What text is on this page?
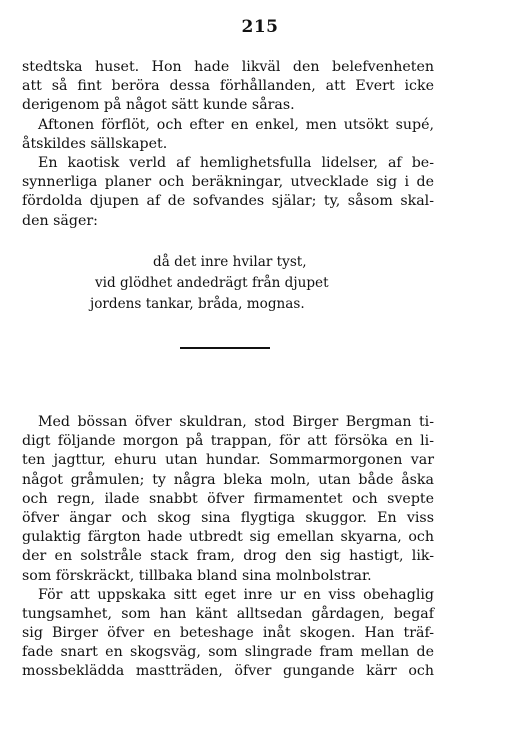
215
stedtska huset. Hon hade likväl den belefvenheten
att så fint beröra dessa förhållanden, att Evert icke
derigenom på något sätt kunde såras.
Aftonen förflöt, och efter en enkel, men utsökt supé,
åtskildes sällskapet.
En kaotisk verld af hemlighetsfulla lidelser, af be-
synnerliga planer och beräkningar, utvecklade sig i de
fördolda djupen af de sofvandes själar; ty, såsom skal-
den säger:
då det inre hvilar tyst,
vid glödhet andedrägt från djupet
jordens tankar, bråda, mognas.
Med bössan öfver skuldran, stod Birger Bergman ti-
digt följande morgon på trappan, för att försöka en li-
ten jagttur, ehuru utan hundar. Sommarmorgonen var
något gråmulen; ty några bleka moln, utan både åska
och regn, ilade snabbt öfver firmamentet och svepte
öfver ängar och skog sina flygtiga skuggor. En viss
gulaktig färgton hade utbredt sig emellan skyarna, och
der en solstråle stack fram, drog den sig hastigt, lik-
som förskräckt, tillbaka bland sina molnbolstrar.
För att uppskaka sitt eget inre ur en viss obehaglig
tungsamhet, som han känt alltsedan gårdagen, begaf
sig Birger öfver en beteshage inåt skogen. Han träf-
fade snart en skogsväg, som slingrade fram mellan de
mossbeklädda mastträden, öfver gungande kärr och
